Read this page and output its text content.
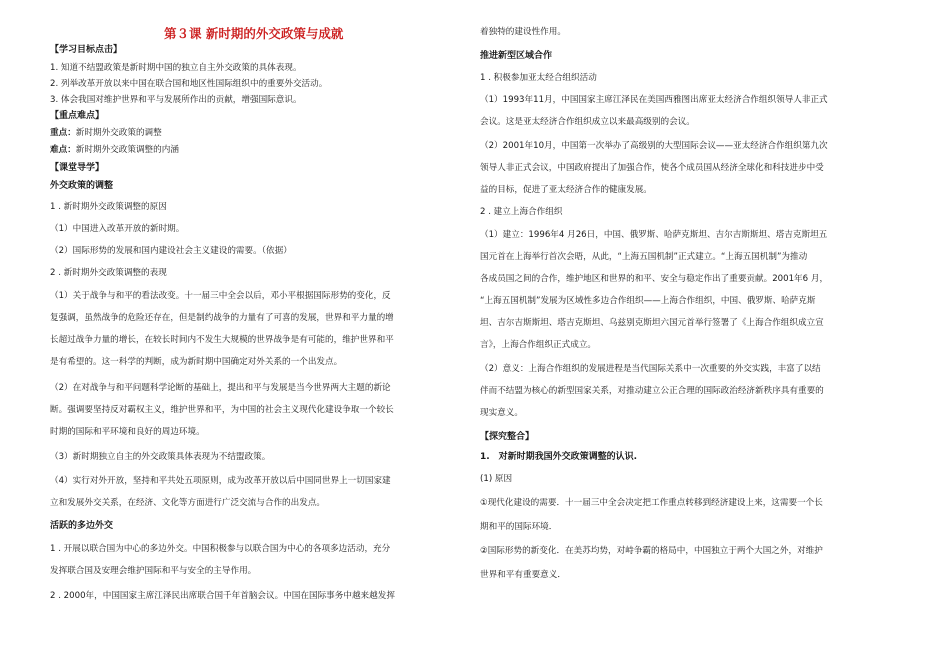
第３课 新时期的外交政策与成就
【学习目标点击】
1. 知道不结盟政策是新时期中国的独立自主外交政策的具体表现。
2. 列举改革开放以来中国在联合国和地区性国际组织中的重要外交活动。
3. 体会我国对维护世界和平与发展所作出的贡献，增强国际意识。
【重点难点】
重点：新时期外交政策的调整
难点：新时期外交政策调整的内涵
【课堂导学】
外交政策的调整
1 . 新时期外交政策调整的原因
（1）中国进入改革开放的新时期。
（2）国际形势的发展和国内建设社会主义建设的需要。（依据）
2 . 新时期外交政策调整的表现
（1）关于战争与和平的看法改变。十一届三中全会以后，邓小平根据国际形势的变化，反
复强调，虽然战争的危险还存在，但是制约战争的力量有了可喜的发展，世界和平力量的增
长超过战争力量的增长，在较长时间内不发生大规模的世界战争是有可能的，维护世界和平
是有希望的。这一科学的判断，成为新时期中国确定对外关系的一个出发点。
（2）在对战争与和平问题科学论断的基础上，提出和平与发展是当今世界两大主题的新论
断。强调要坚持反对霸权主义，维护世界和平，为中国的社会主义现代化建设争取一个较长
时期的国际和平环境和良好的周边环境。
（3）新时期独立自主的外交政策具体表现为不结盟政策。
（4）实行对外开放，坚持和平共处五项原则，成为改革开放以后中国同世界上一切国家建
立和发展外交关系，在经济、文化等方面进行广泛交流与合作的出发点。
活跃的多边外交
1 . 开展以联合国为中心的多边外交。中国积极参与以联合国为中心的各项多边活动，充分
发挥联合国及安理会维护国际和平与安全的主导作用。
2 . 2000年，中国国家主席江泽民出席联合国千年首脑会议。中国在国际事务中越来越发挥
着独特的建设性作用。
推进新型区域合作
1 . 积极参加亚太经合组织活动
（1）1993年11月，中国国家主席江泽民在美国西雅图出席亚太经济合作组织领导人非正式
会议。这是亚太经济合作组织成立以来最高级别的会议。
（2）2001年10月，中国第一次举办了高级别的大型国际会议——亚太经济合作组织第九次
领导人非正式会议，中国政府提出了加强合作，使各个成员国从经济全球化和科技进步中受
益的目标，促进了亚太经济合作的健康发展。
2 . 建立上海合作组织
（1）建立：1996年4 月26日，中国、俄罗斯、哈萨克斯坦、吉尔吉斯斯坦、塔吉克斯坦五
国元首在上海举行首次会晤，从此，“上海五国机制”正式建立。“上海五国机制”为推动
各成员国之间的合作，维护地区和世界的和平、安全与稳定作出了重要贡献。2001年6 月，
“上海五国机制”发展为区域性多边合作组织——上海合作组织，中国、俄罗斯、哈萨克斯
坦、吉尔吉斯斯坦、塔吉克斯坦、乌兹别克斯坦六国元首举行签署了《上海合作组织成立宣
言》，上海合作组织正式成立。
（2）意义：上海合作组织的发展进程是当代国际关系中一次重要的外交实践，丰富了以结
伴而不结盟为核心的新型国家关系，对推动建立公正合理的国际政治经济新秩序具有重要的
现实意义。
【探究整合】
1.　对新时期我国外交政策调整的认识.
(1) 原因
①现代化建设的需要．十一届三中全会决定把工作重点转移到经济建设上来，这需要一个长
期和平的国际环境．
②国际形势的新变化．在美苏均势，对峙争霸的格局中，中国独立于两个大国之外，对维护
世界和平有重要意义．
